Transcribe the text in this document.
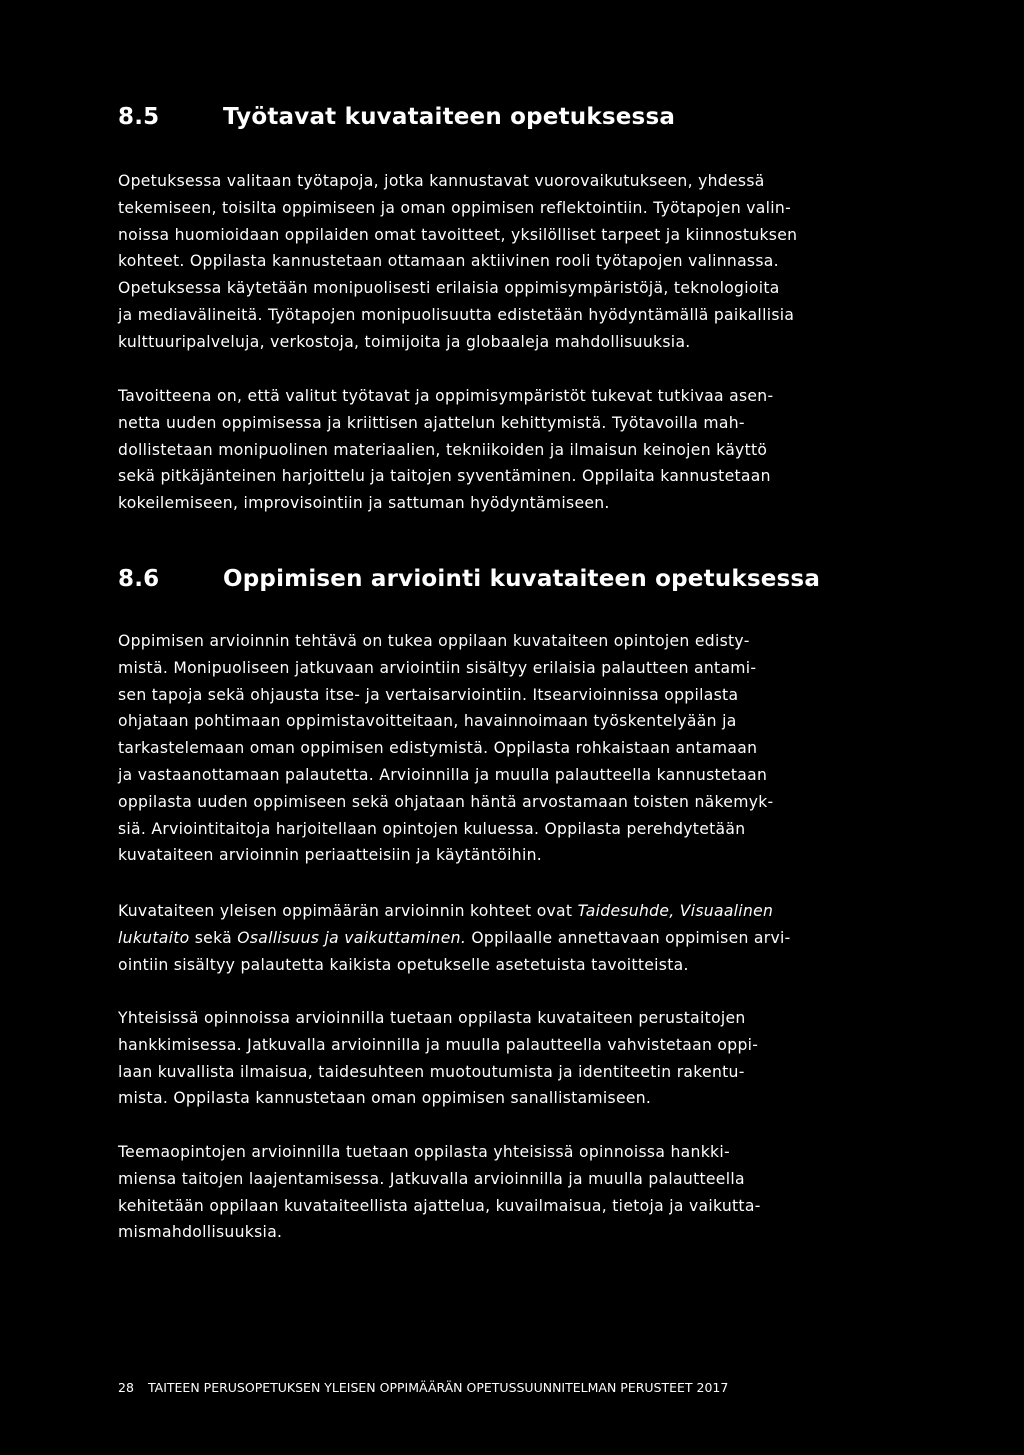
8.5	Työtavat kuvataiteen opetuksessa

Opetuksessa valitaan työtapoja, jotka kannustavat vuorovaikutukseen, yhdessä
tekemiseen, toisilta oppimiseen ja oman oppimisen reflektointiin. Työtapojen valin-
noissa huomioidaan oppilaiden omat tavoitteet, yksilölliset tarpeet ja kiinnostuksen
kohteet. Oppilasta kannustetaan ottamaan aktiivinen rooli työtapojen valinnassa.
Opetuksessa käytetään monipuolisesti erilaisia oppimisympäristöjä, teknologioita
ja mediavälineitä. Työtapojen monipuolisuutta edistetään hyödyntämällä paikallisia
kulttuuripalveluja, verkostoja, toimijoita ja globaaleja mahdollisuuksia.

Tavoitteena on, että valitut työtavat ja oppimisympäristöt tukevat tutkivaa asen-
netta uuden oppimisessa ja kriittisen ajattelun kehittymistä. Työtavoilla mah-
dollistetaan monipuolinen materiaalien, tekniikoiden ja ilmaisun keinojen käyttö
sekä pitkäjänteinen harjoittelu ja taitojen syventäminen. Oppilaita kannustetaan
kokeilemiseen, improvisointiin ja sattuman hyödyntämiseen.

8.6	Oppimisen arviointi kuvataiteen opetuksessa

Oppimisen arvioinnin tehtävä on tukea oppilaan kuvataiteen opintojen edisty-
mistä. Monipuoliseen jatkuvaan arviointiin sisältyy erilaisia palautteen antami-
sen tapoja sekä ohjausta itse- ja vertaisarviointiin. Itsearvioinnissa oppilasta
ohjataan pohtimaan oppimistavoitteitaan, havainnoimaan työskentelyään ja
tarkastelemaan oman oppimisen edistymistä. Oppilasta rohkaistaan antamaan
ja vastaanottamaan palautetta. Arvioinnilla ja muulla palautteella kannustetaan
oppilasta uuden oppimiseen sekä ohjataan häntä arvostamaan toisten näkemyk-
siä. Arviointitaitoja harjoitellaan opintojen kuluessa. Oppilasta perehdytetään
kuvataiteen arvioinnin periaatteisiin ja käytäntöihin.

Kuvataiteen yleisen oppimäärän arvioinnin kohteet ovat Taidesuhde, Visuaalinen
lukutaito sekä Osallisuus ja vaikuttaminen. Oppilaalle annettavaan oppimisen arvi-
ointiin sisältyy palautetta kaikista opetukselle asetetuista tavoitteista.

Yhteisissä opinnoissa arvioinnilla tuetaan oppilasta kuvataiteen perustaitojen
hankkimisessa. Jatkuvalla arvioinnilla ja muulla palautteella vahvistetaan oppi-
laan kuvallista ilmaisua, taidesuhteen muotoutumista ja identiteetin rakentu-
mista. Oppilasta kannustetaan oman oppimisen sanallistamiseen.

Teemaopintojen arvioinnilla tuetaan oppilasta yhteisissä opinnoissa hankki-
miensa taitojen laajentamisessa. Jatkuvalla arvioinnilla ja muulla palautteella
kehitetään oppilaan kuvataiteellista ajattelua, kuvailmaisua, tietoja ja vaikutta-
mismahdollisuuksia.

28 TAITEEN PERUSOPETUKSEN YLEISEN OPPIMÄÄRÄN OPETUSSUUNNITELMAN PERUSTEET 2017
